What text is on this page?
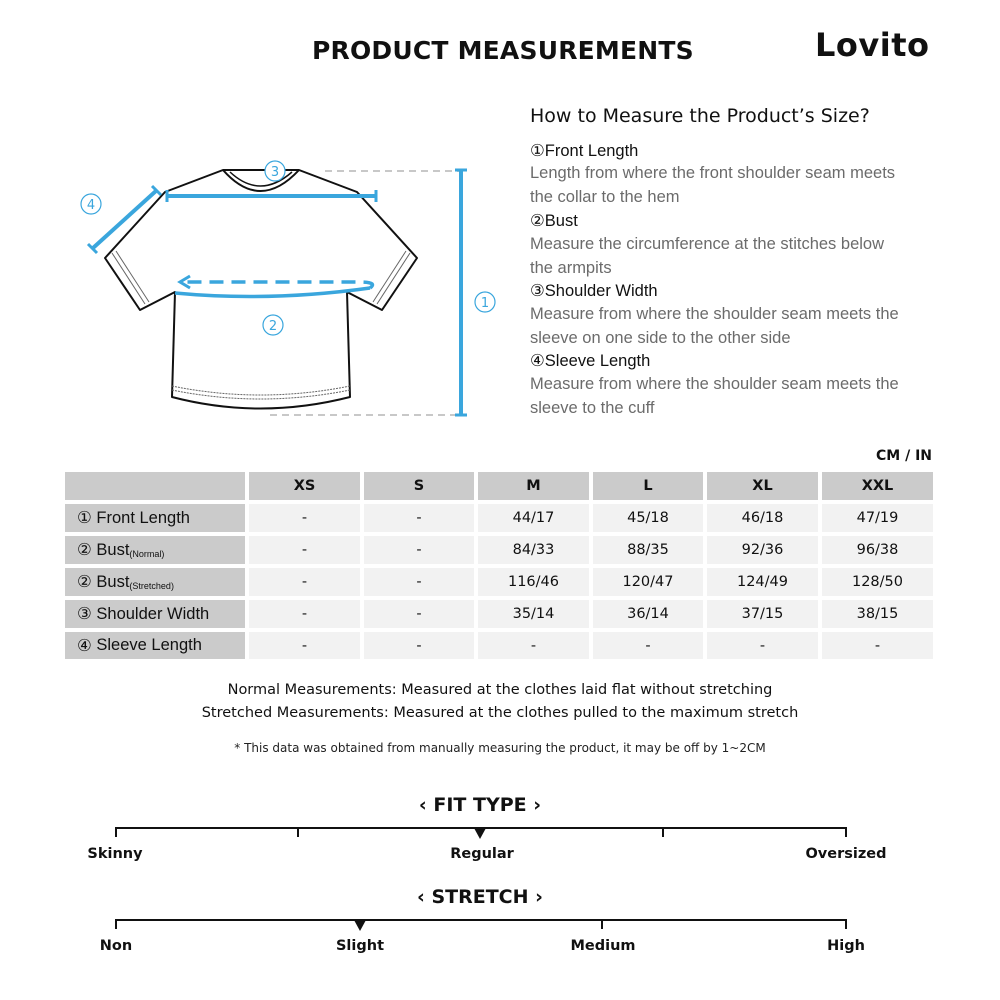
PRODUCT MEASUREMENTS	Lovito
3
4
2
1
How to Measure the Product’s Size?
①Front Length
Length from where the front shoulder seam meets the collar to the hem
②Bust
Measure the circumference at the stitches below the armpits
③Shoulder Width
Measure from where the shoulder seam meets the sleeve on one side to the other side
④Sleeve Length
Measure from where the shoulder seam meets the sleeve to the cuff
CM / IN
XS	S	M	L	XL	XXL
①
Front Length	-	-	44/17	45/18	46/18	47/19
②
Bust (Normal)	-	-	84/33	88/35	92/36	96/38
②
Bust (Stretched)	-	-	116/46	120/47	124/49	128/50
③
Shoulder Width	-	-	35/14	36/14	37/15	38/15
④
Sleeve Length	-	-	-	-	-	-
Normal Measurements: Measured at the clothes laid flat without stretching
Stretched Measurements: Measured at the clothes pulled to the maximum stretch
* This data was obtained from manually measuring the product, it may be off by 1~2CM
‹ FIT TYPE ›
Skinny	Regular	Oversized
‹ STRETCH ›
Non	Slight	Medium	High
